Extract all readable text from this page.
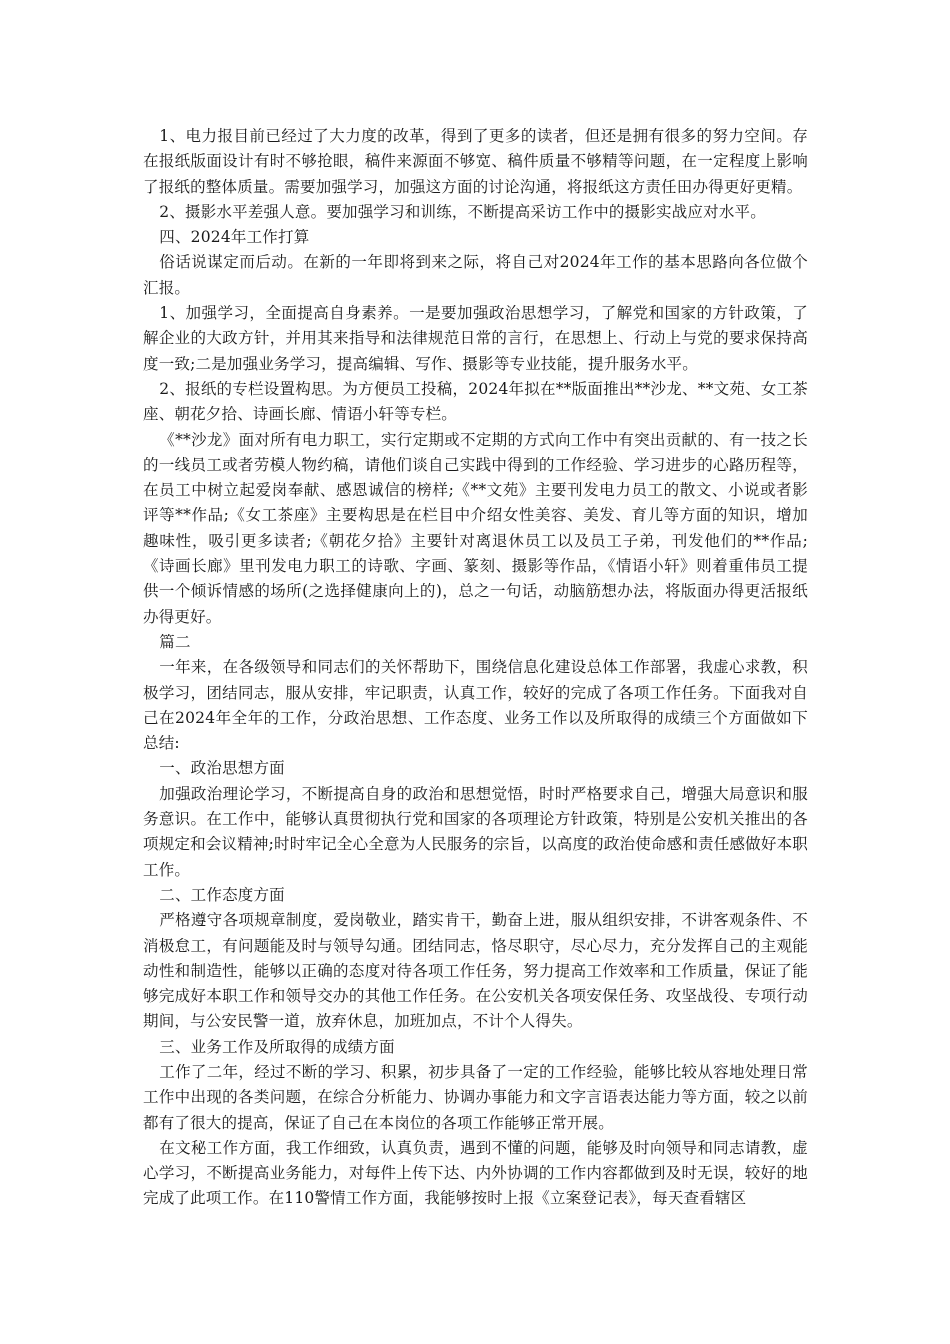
1、电力报目前已经过了大力度的改革，得到了更多的读者，但还是拥有很多的努力空间。存在报纸版面设计有时不够抢眼，稿件来源面不够宽、稿件质量不够精等问题，在一定程度上影响了报纸的整体质量。需要加强学习，加强这方面的讨论沟通，将报纸这方责任田办得更好更精。

2、摄影水平差强人意。要加强学习和训练，不断提高采访工作中的摄影实战应对水平。

四、2024年工作打算

俗话说谋定而后动。在新的一年即将到来之际，将自己对2024年工作的基本思路向各位做个汇报。

1、加强学习，全面提高自身素养。一是要加强政治思想学习，了解党和国家的方针政策，了解企业的大政方针，并用其来指导和法律规范日常的言行，在思想上、行动上与党的要求保持高度一致;二是加强业务学习，提高编辑、写作、摄影等专业技能，提升服务水平。

2、报纸的专栏设置构思。为方便员工投稿，2024年拟在**版面推出**沙龙、**文苑、女工茶座、朝花夕拾、诗画长廊、情语小轩等专栏。

《**沙龙》面对所有电力职工，实行定期或不定期的方式向工作中有突出贡献的、有一技之长的一线员工或者劳模人物约稿，请他们谈自己实践中得到的工作经验、学习进步的心路历程等，在员工中树立起爱岗奉献、感恩诚信的榜样;《**文苑》主要刊发电力员工的散文、小说或者影评等**作品;《女工茶座》主要构思是在栏目中介绍女性美容、美发、育儿等方面的知识，增加趣味性，吸引更多读者;《朝花夕拾》主要针对离退休员工以及员工子弟，刊发他们的**作品;《诗画长廊》里刊发电力职工的诗歌、字画、篆刻、摄影等作品，《情语小轩》则着重伟员工提供一个倾诉情感的场所(之选择健康向上的)，总之一句话，动脑筋想办法，将版面办得更活报纸办得更好。

篇二

一年来，在各级领导和同志们的关怀帮助下，围绕信息化建设总体工作部署，我虚心求教，积极学习，团结同志，服从安排，牢记职责，认真工作，较好的完成了各项工作任务。下面我对自己在2024年全年的工作，分政治思想、工作态度、业务工作以及所取得的成绩三个方面做如下总结:

一、政治思想方面

加强政治理论学习，不断提高自身的政治和思想觉悟，时时严格要求自己，增强大局意识和服务意识。在工作中，能够认真贯彻执行党和国家的各项理论方针政策，特别是公安机关推出的各项规定和会议精神;时时牢记全心全意为人民服务的宗旨，以高度的政治使命感和责任感做好本职工作。

二、工作态度方面

严格遵守各项规章制度，爱岗敬业，踏实肯干，勤奋上进，服从组织安排，不讲客观条件、不消极怠工，有问题能及时与领导勾通。团结同志，恪尽职守，尽心尽力，充分发挥自己的主观能动性和制造性，能够以正确的态度对待各项工作任务，努力提高工作效率和工作质量，保证了能够完成好本职工作和领导交办的其他工作任务。在公安机关各项安保任务、攻坚战役、专项行动期间，与公安民警一道，放弃休息，加班加点，不计个人得失。

三、业务工作及所取得的成绩方面

工作了二年，经过不断的学习、积累，初步具备了一定的工作经验，能够比较从容地处理日常工作中出现的各类问题，在综合分析能力、协调办事能力和文字言语表达能力等方面，较之以前都有了很大的提高，保证了自己在本岗位的各项工作能够正常开展。

在文秘工作方面，我工作细致，认真负责，遇到不懂的问题，能够及时向领导和同志请教，虚心学习，不断提高业务能力，对每件上传下达、内外协调的工作内容都做到及时无误，较好的地完成了此项工作。在110警情工作方面，我能够按时上报《立案登记表》，每天查看辖区
